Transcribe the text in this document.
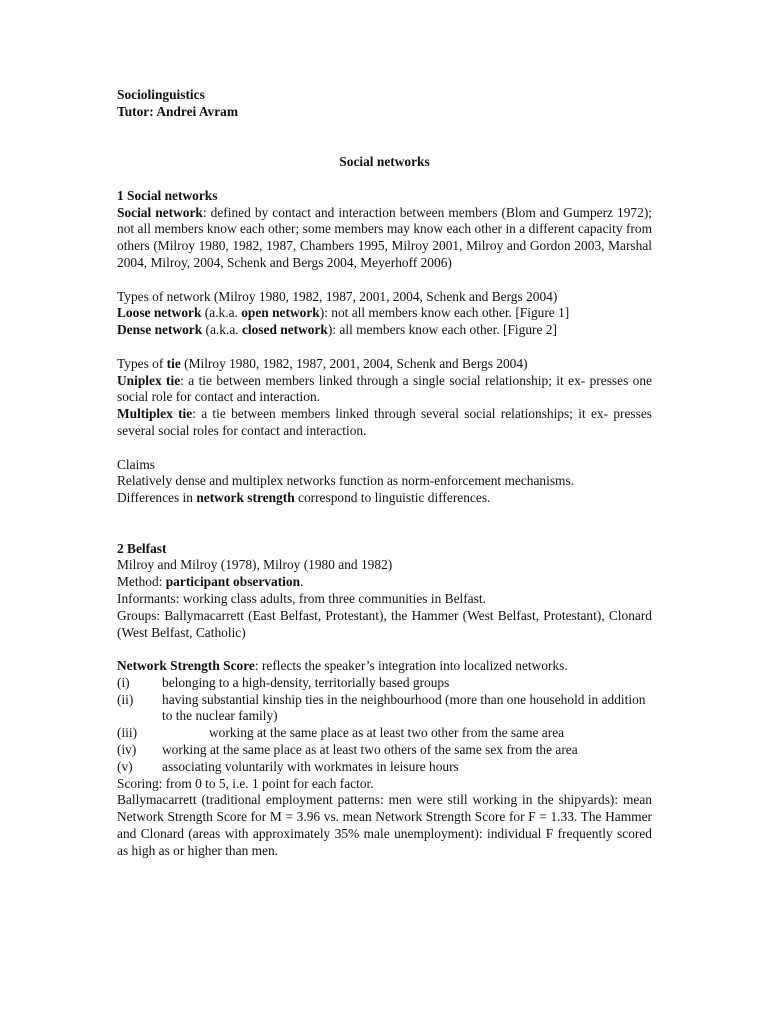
Sociolinguistics
Tutor: Andrei Avram
Social networks
1 Social networks
Social network: defined by contact and interaction between members (Blom and Gumperz 1972); not all members know each other; some members may know each other in a different capacity from others (Milroy 1980, 1982, 1987, Chambers 1995, Milroy 2001, Milroy and Gordon 2003, Marshal 2004, Milroy, 2004, Schenk and Bergs 2004, Meyerhoff 2006)
Types of network (Milroy 1980, 1982, 1987, 2001, 2004, Schenk and Bergs 2004)
Loose network (a.k.a. open network): not all members know each other. [Figure 1]
Dense network (a.k.a. closed network): all members know each other. [Figure 2]
Types of tie (Milroy 1980, 1982, 1987, 2001, 2004, Schenk and Bergs 2004)
Uniplex tie: a tie between members linked through a single social relationship; it ex- presses one social role for contact and interaction.
Multiplex tie: a tie between members linked through several social relationships; it ex- presses several social roles for contact and interaction.
Claims
Relatively dense and multiplex networks function as norm-enforcement mechanisms.
Differences in network strength correspond to linguistic differences.
2 Belfast
Milroy and Milroy (1978), Milroy (1980 and 1982)
Method: participant observation.
Informants: working class adults, from three communities in Belfast.
Groups: Ballymacarrett (East Belfast, Protestant), the Hammer (West Belfast, Protestant), Clonard (West Belfast, Catholic)
Network Strength Score: reflects the speaker’s integration into localized networks.
(i)	belonging to a high-density, territorially based groups
(ii)	having substantial kinship ties in the neighbourhood (more than one household in addition to the nuclear family)
(iii)	working at the same place as at least two other from the same area
(iv)	working at the same place as at least two others of the same sex from the area
(v)	associating voluntarily with workmates in leisure hours
Scoring: from 0 to 5, i.e. 1 point for each factor.
Ballymacarrett (traditional employment patterns: men were still working in the shipyards): mean Network Strength Score for M = 3.96 vs. mean Network Strength Score for F = 1.33. The Hammer and Clonard (areas with approximately 35% male unemployment): individual F frequently scored as high as or higher than men.
